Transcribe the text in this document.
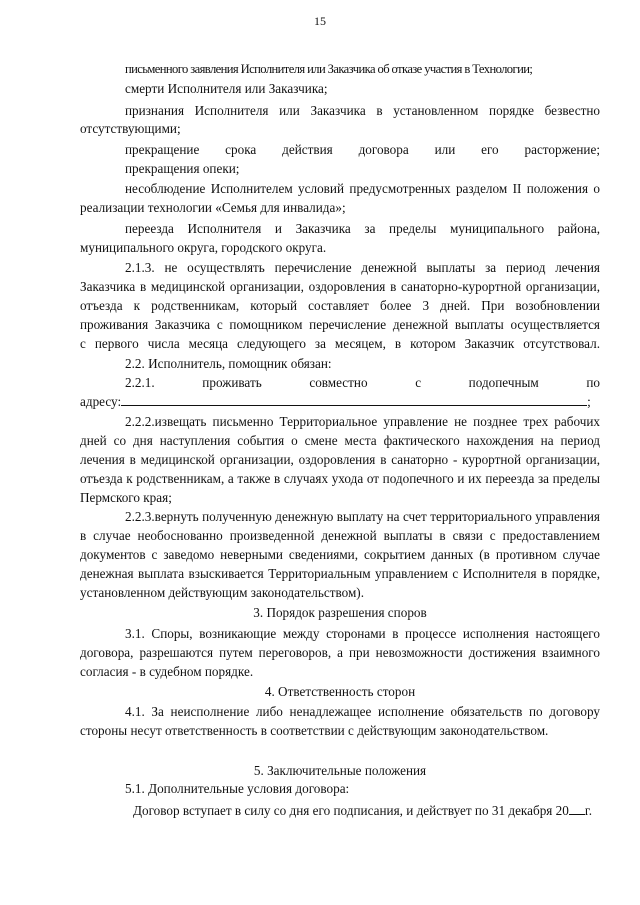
15
письменного заявления Исполнителя или Заказчика об отказе участия в Технологии;
смерти Исполнителя или Заказчика;
признания Исполнителя или Заказчика в установленном порядке безвестно
отсутствующими;
прекращение срока действия договора или его расторжение;
прекращения опеки;
несоблюдение Исполнителем условий предусмотренных разделом II положения о
реализации технологии «Семья для инвалида»;
переезда Исполнителя и Заказчика за пределы муниципального района,
муниципального округа, городского округа.
2.1.3. не осуществлять перечисление денежной выплаты за период лечения
Заказчика в медицинской организации, оздоровления в санаторно-курортной организации,
отъезда к родственникам, который составляет более 3 дней. При возобновлении
проживания Заказчика с помощником перечисление денежной выплаты осуществляется
с первого числа месяца следующего за месяцем, в котором Заказчик отсутствовал.
2.2. Исполнитель, помощник обязан:
2.2.1. проживать совместно с подопечным по
адресу:	;
2.2.2.извещать письменно Территориальное управление не позднее трех рабочих
дней со дня наступления события о смене места фактического нахождения на период
лечения в медицинской организации, оздоровления в санаторно - курортной организации,
отъезда к родственникам, а также в случаях ухода от подопечного и их переезда за пределы
Пермского края;
2.2.3.вернуть полученную денежную выплату на счет территориального управления
в случае необоснованно произведенной денежной выплаты в связи с предоставлением
документов с заведомо неверными сведениями, сокрытием данных (в противном случае
денежная выплата взыскивается Территориальным управлением с Исполнителя в порядке,
установленном действующим законодательством).
3. Порядок разрешения споров
3.1. Споры, возникающие между сторонами в процессе исполнения настоящего
договора, разрешаются путем переговоров, а при невозможности достижения взаимного
согласия - в судебном порядке.
4. Ответственность сторон
4.1. За неисполнение либо ненадлежащее исполнение обязательств по договору
стороны несут ответственность в соответствии с действующим законодательством.
5. Заключительные положения
5.1. Дополнительные условия договора:
Договор вступает в силу со дня его подписания, и действует по 31 декабря 20 г.
